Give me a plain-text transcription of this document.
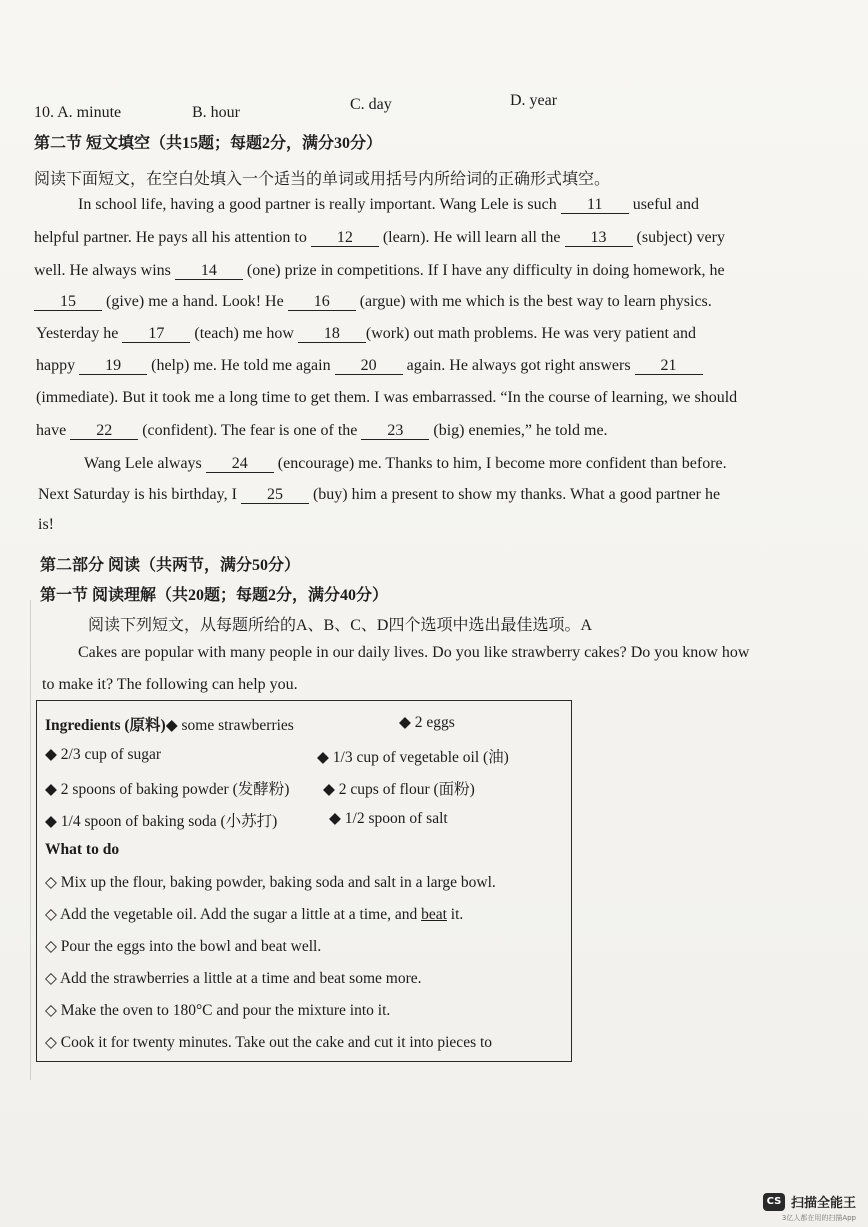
10. A. minute	B. hour	C. day	D. year
第二节 短文填空（共15题；每题2分，满分30分）
阅读下面短文，在空白处填入一个适当的单词或用括号内所给词的正确形式填空。
In school life, having a good partner is really important. Wang Lele is such 11 useful and
helpful partner. He pays all his attention to 12 (learn). He will learn all the 13 (subject) very
well. He always wins 14 (one) prize in competitions. If I have any difficulty in doing homework, he
15 (give) me a hand. Look! He 16 (argue) with me which is the best way to learn physics.
Yesterday he 17 (teach) me how 18 (work) out math problems. He was very patient and
happy 19 (help) me. He told me again 20 again. He always got right answers 21
(immediate). But it took me a long time to get them. I was embarrassed. “In the course of learning, we should
have 22 (confident). The fear is one of the 23 (big) enemies,” he told me.
Wang Lele always 24 (encourage) me. Thanks to him, I become more confident than before.
Next Saturday is his birthday, I 25 (buy) him a present to show my thanks. What a good partner he
is!
第二部分 阅读（共两节，满分50分）
第一节 阅读理解（共20题；每题2分，满分40分）
阅读下列短文，从每题所给的A、B、C、D四个选项中选出最佳选项。A
Cakes are popular with many people in our daily lives. Do you like strawberry cakes? Do you know how
to make it? The following can help you.
Ingredients (原料)◆ some strawberries	◆ 2 eggs
◆ 2/3 cup of sugar	◆ 1/3 cup of vegetable oil (油)
◆ 2 spoons of baking powder (发酵粉)	◆ 2 cups of flour (面粉)
◆ 1/4 spoon of baking soda (小苏打)	◆ 1/2 spoon of salt
What to do
◇ Mix up the flour, baking powder, baking soda and salt in a large bowl.
◇ Add the vegetable oil. Add the sugar a little at a time, and beat it.
◇ Pour the eggs into the bowl and beat well.
◇ Add the strawberries a little at a time and beat some more.
◇ Make the oven to 180°C and pour the mixture into it.
◇ Cook it for twenty minutes. Take out the cake and cut it into pieces to
CS 扫描全能王
3亿人都在用的扫描App
